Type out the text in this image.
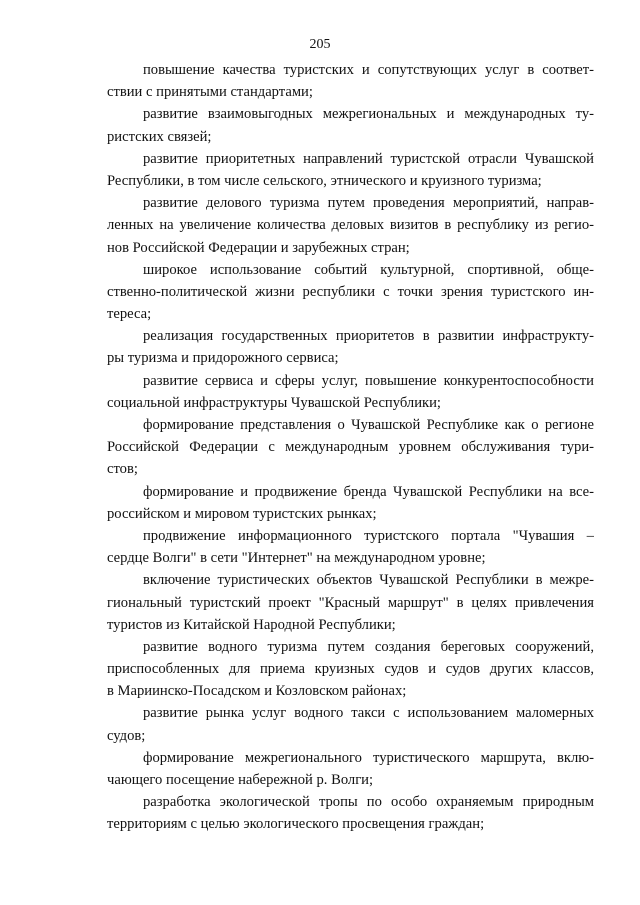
205
повышение качества туристских и сопутствующих услуг в соответ-
ствии с принятыми стандартами;
развитие взаимовыгодных межрегиональных и международных ту-
ристских связей;
развитие приоритетных направлений туристской отрасли Чувашской
Республики, в том числе сельского, этнического и круизного туризма;
развитие делового туризма путем проведения мероприятий, направ-
ленных на увеличение количества деловых визитов в республику из регио-
нов Российской Федерации и зарубежных стран;
широкое использование событий культурной, спортивной, обще-
ственно-политической жизни республики с точки зрения туристского ин-
тереса;
реализация государственных приоритетов в развитии инфраструкту-
ры туризма и придорожного сервиса;
развитие сервиса и сферы услуг, повышение конкурентоспособности
социальной инфраструктуры Чувашской Республики;
формирование представления о Чувашской Республике как о регионе
Российской Федерации с международным уровнем обслуживания тури-
стов;
формирование и продвижение бренда Чувашской Республики на все-
российском и мировом туристских рынках;
продвижение информационного туристского портала "Чувашия –
сердце Волги" в сети "Интернет" на международном уровне;
включение туристических объектов Чувашской Республики в межре-
гиональный туристский проект "Красный маршрут" в целях привлечения
туристов из Китайской Народной Республики;
развитие водного туризма путем создания береговых сооружений,
приспособленных для приема круизных судов и судов других классов,
в Мариинско-Посадском и Козловском районах;
развитие рынка услуг водного такси с использованием маломерных
судов;
формирование межрегионального туристического маршрута, вклю-
чающего посещение набережной р. Волги;
разработка экологической тропы по особо охраняемым природным
территориям с целью экологического просвещения граждан;
